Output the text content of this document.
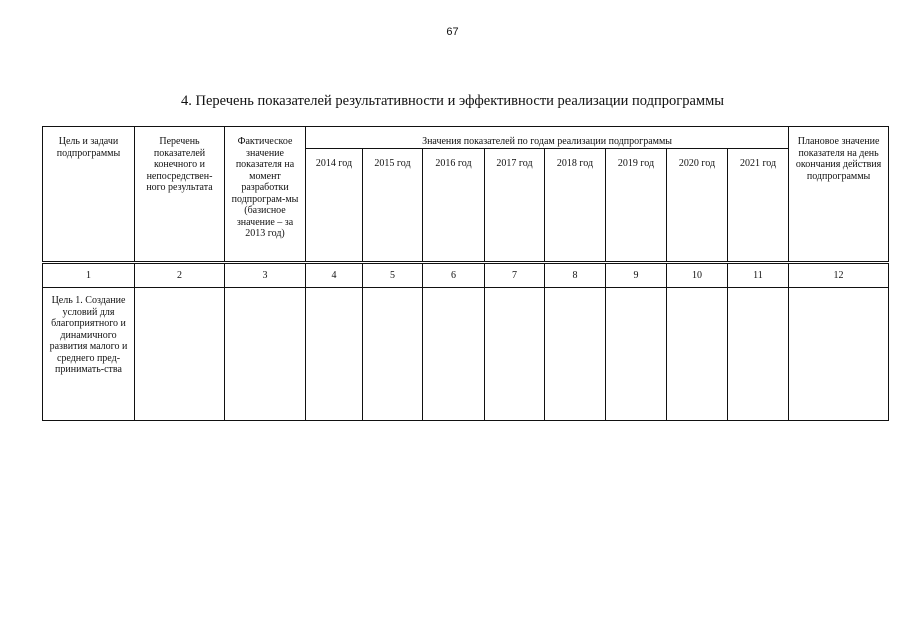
67
4. Перечень показателей результативности и эффективности реализации подпрограммы
Цель и задачи подпрограммы	Перечень показателей конечного и непосредствен-ного результата	Фактическое значение показателя на момент разработки подпрограм-мы (базисное значение – за 2013 год)	Значения показателей по годам реализации подпрограммы								Плановое значение показателя на день окончания действия подпрограммы
			2014 год	2015 год	2016 год	2017 год	2018 год	2019 год	2020 год	2021 год	
1	2	3	4	5	6	7	8	9	10	11	12
Цель 1. Создание условий для благоприятного и динамичного развития малого и среднего пред-принимать-ства											
